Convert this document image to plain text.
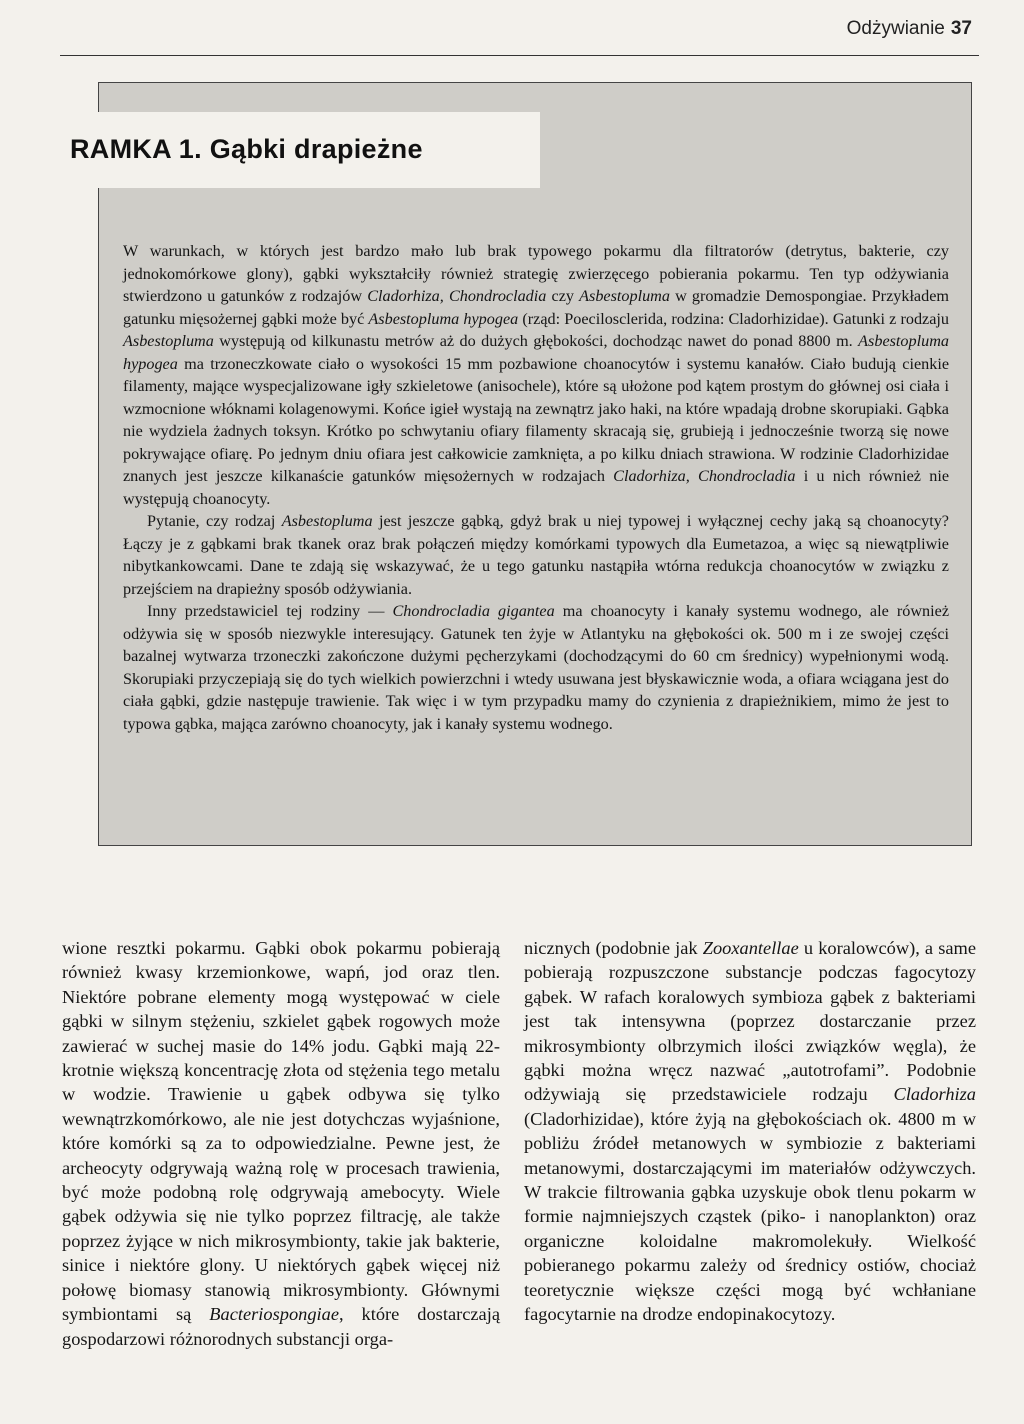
Odżywianie 37
RAMKA 1. Gąbki drapieżne

W warunkach, w których jest bardzo mało lub brak typowego pokarmu dla filtratorów (detrytus, bakterie, czy jednokomórkowe glony), gąbki wykształciły również strategię zwierzęcego pobierania pokarmu. Ten typ odżywiania stwierdzono u gatunków z rodzajów Cladorhiza, Chondrocladia czy Asbestopluma w gromadzie Demospongiae. Przykładem gatunku mięsożernej gąbki może być Asbestopluma hypogea (rząd: Poecilosclerida, rodzina: Cladorhizidae). Gatunki z rodzaju Asbestopluma występują od kilkunastu metrów aż do dużych głębokości, dochodząc nawet do ponad 8800 m. Asbestopluma hypogea ma trzoneczkowate ciało o wysokości 15 mm pozbawione choanocytów i systemu kanałów. Ciało budują cienkie filamenty, mające wyspecjalizowane igły szkieletowe (anisochele), które są ułożone pod kątem prostym do głównej osi ciała i wzmocnione włóknami kolagenowymi. Końce igieł wystają na zewnątrz jako haki, na które wpadają drobne skorupiaki. Gąbka nie wydziela żadnych toksyn. Krótko po schwytaniu ofiary filamenty skracają się, grubieją i jednocześnie tworzą się nowe pokrywające ofiarę. Po jednym dniu ofiara jest całkowicie zamknięta, a po kilku dniach strawiona. W rodzinie Cladorhizidae znanych jest jeszcze kilkanaście gatunków mięsożernych w rodzajach Cladorhiza, Chondrocladia i u nich również nie występują choanocyty.

Pytanie, czy rodzaj Asbestopluma jest jeszcze gąbką, gdyż brak u niej typowej i wyłącznej cechy jaką są choanocyty? Łączy je z gąbkami brak tkanek oraz brak połączeń między komórkami typowych dla Eumetazoa, a więc są niewątpliwie nibytkankowcami. Dane te zdają się wskazywać, że u tego gatunku nastąpiła wtórna redukcja choanocytów w związku z przejściem na drapieżny sposób odżywiania.

Inny przedstawiciel tej rodziny — Chondrocladia gigantea ma choanocyty i kanały systemu wodnego, ale również odżywia się w sposób niezwykle interesujący. Gatunek ten żyje w Atlantyku na głębokości ok. 500 m i ze swojej części bazalnej wytwarza trzoneczki zakończone dużymi pęcherzykami (dochodzącymi do 60 cm średnicy) wypełnionymi wodą. Skorupiaki przyczepiają się do tych wielkich powierzchni i wtedy usuwana jest błyskawicznie woda, a ofiara wciągana jest do ciała gąbki, gdzie następuje trawienie. Tak więc i w tym przypadku mamy do czynienia z drapieżnikiem, mimo że jest to typowa gąbka, mająca zarówno choanocyty, jak i kanały systemu wodnego.

wione resztki pokarmu. Gąbki obok pokarmu pobierają również kwasy krzemionkowe, wapń, jod oraz tlen. Niektóre pobrane elementy mogą występować w ciele gąbki w silnym stężeniu, szkielet gąbek rogowych może zawierać w suchej masie do 14% jodu. Gąbki mają 22-krotnie większą koncentrację złota od stężenia tego metalu w wodzie. Trawienie u gąbek odbywa się tylko wewnątrzkomórkowo, ale nie jest dotychczas wyjaśnione, które komórki są za to odpowiedzialne. Pewne jest, że archeocyty odgrywają ważną rolę w procesach trawienia, być może podobną rolę odgrywają amebocyty. Wiele gąbek odżywia się nie tylko poprzez filtrację, ale także poprzez żyjące w nich mikrosymbionty, takie jak bakterie, sinice i niektóre glony. U niektórych gąbek więcej niż połowę biomasy stanowią mikrosymbionty. Głównymi symbiontami są Bacteriospongiae, które dostarczają gospodarzowi różnorodnych substancji orga-

nicznych (podobnie jak Zooxantellae u koralowców), a same pobierają rozpuszczone substancje podczas fagocytozy gąbek. W rafach koralowych symbioza gąbek z bakteriami jest tak intensywna (poprzez dostarczanie przez mikrosymbionty olbrzymich ilości związków węgla), że gąbki można wręcz nazwać „autotrofami”. Podobnie odżywiają się przedstawiciele rodzaju Cladorhiza (Cladorhizidae), które żyją na głębokościach ok. 4800 m w pobliżu źródeł metanowych w symbiozie z bakteriami metanowymi, dostarczającymi im materiałów odżywczych. W trakcie filtrowania gąbka uzyskuje obok tlenu pokarm w formie najmniejszych cząstek (piko- i nanoplankton) oraz organiczne koloidalne makromolekuły. Wielkość pobieranego pokarmu zależy od średnicy ostiów, chociaż teoretycznie większe części mogą być wchłaniane fagocytarnie na drodze endopinakocytozy.
